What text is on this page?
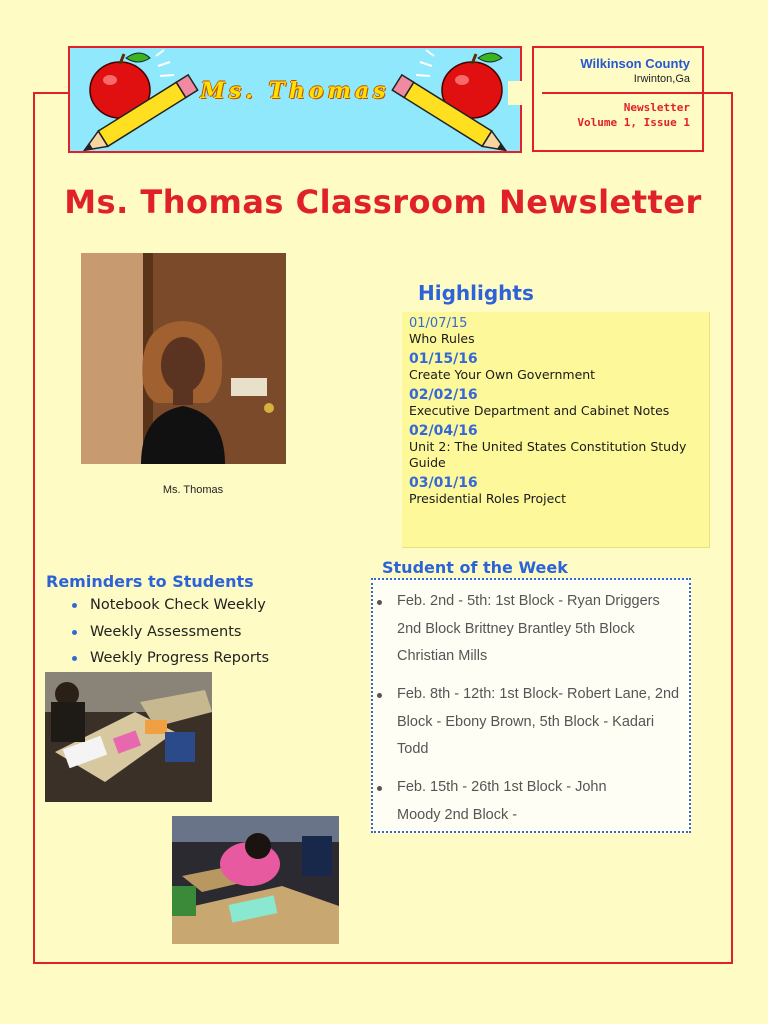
Ms. Thomas
Wilkinson County
Irwinton,Ga
Newsletter
Volume 1, Issue 1
Ms. Thomas Classroom Newsletter
Ms. Thomas
Highlights
01/07/15
Who Rules
01/15/16
Create Your Own Government
02/02/16
Executive Department and Cabinet Notes
02/04/16
Unit 2: The United States Constitution Study Guide
03/01/16
Presidential Roles Project
Reminders to Students
Notebook Check Weekly
Weekly Assessments
Weekly Progress Reports
Student of the Week
Feb. 2nd - 5th: 1st Block - Ryan Driggers 2nd Block Brittney Brantley 5th Block Christian Mills
Feb. 8th - 12th: 1st Block- Robert Lane, 2nd Block - Ebony Brown, 5th Block - Kadari Todd
Feb. 15th - 26th 1st Block - John Moody 2nd Block -
